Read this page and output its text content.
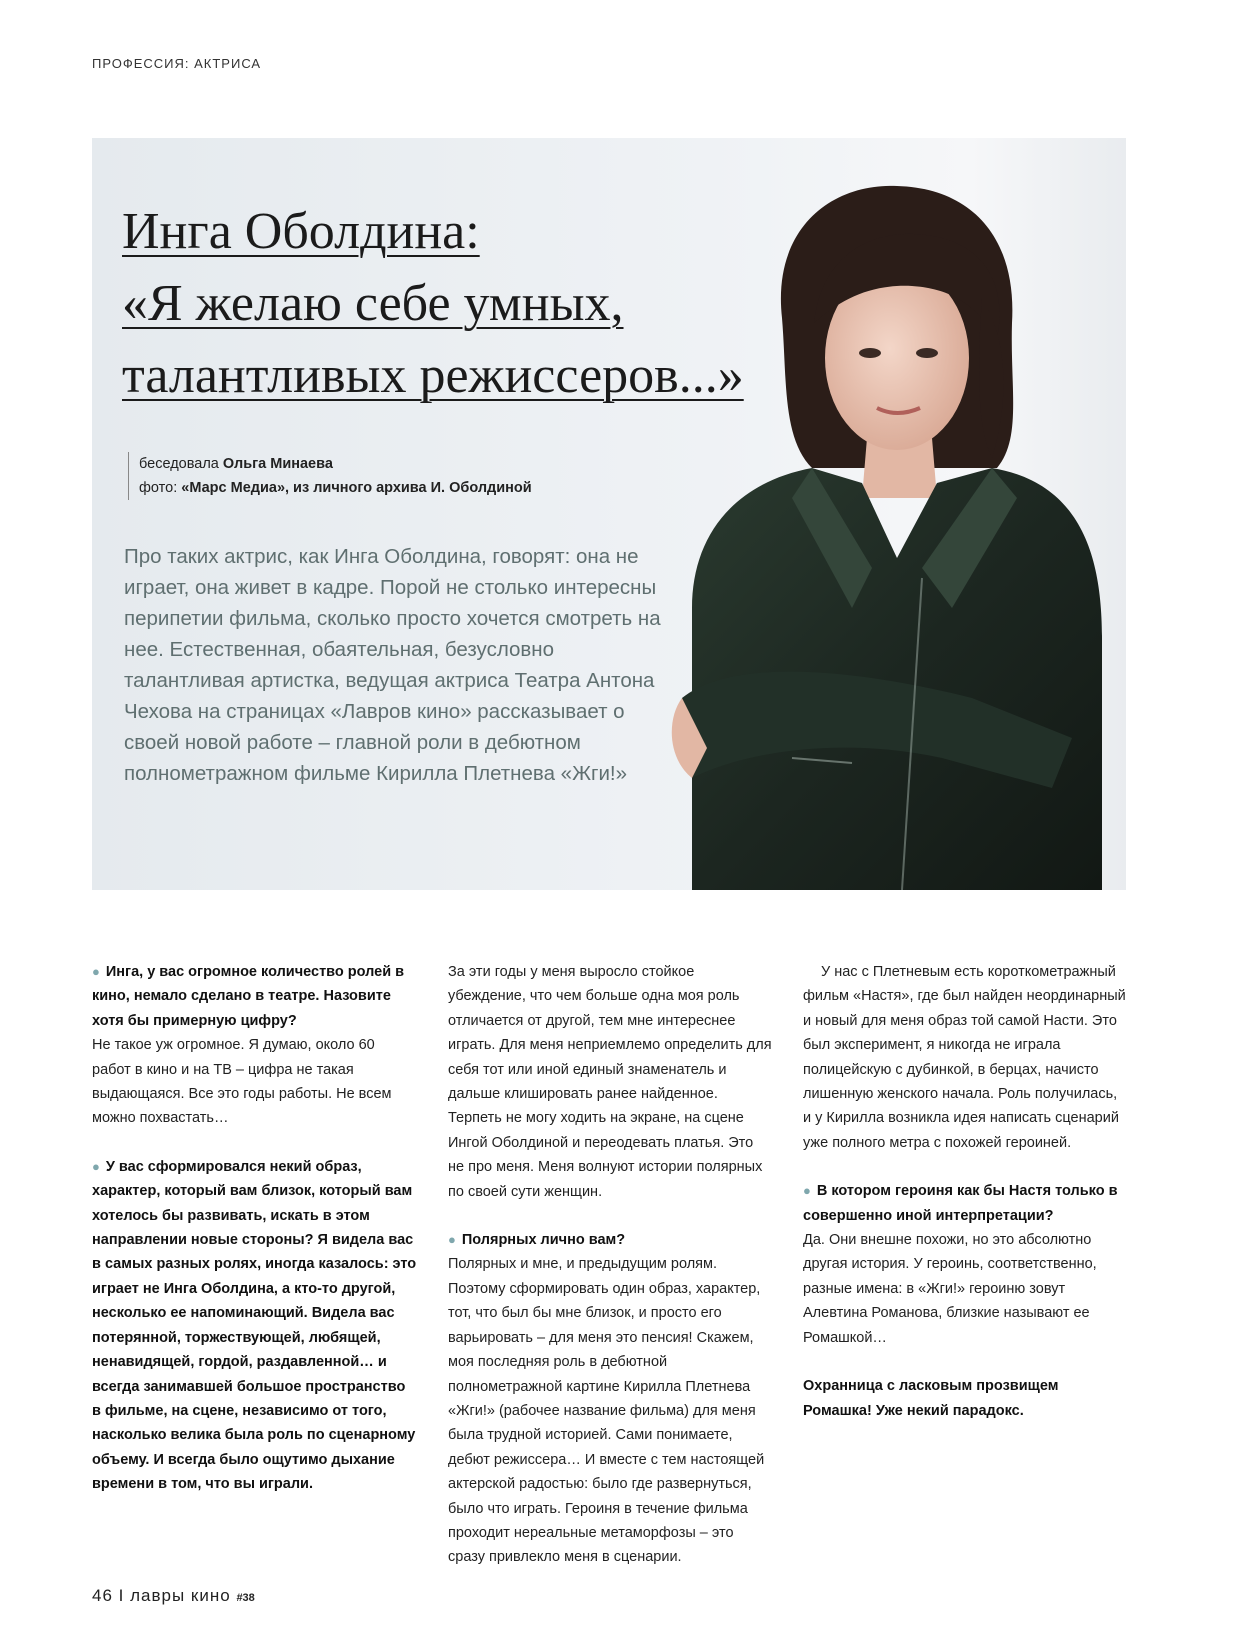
ПРОФЕССИЯ: АКТРИСА
Инга Оболдина:
«Я желаю себе умных,
талантливых режиссеров...»
беседовала Ольга Минаева
фото: «Марс Медиа», из личного архива И. Оболдиной

Про таких актрис, как Инга Оболдина, говорят: она не играет, она живет в кадре. Порой не столько интересны перипетии фильма, сколько просто хочется смотреть на нее. Естественная, обаятельная, безусловно талантливая артистка, ведущая актриса Театра Антона Чехова на страницах «Лавров кино» рассказывает о своей новой работе – главной роли в дебютном полнометражном фильме Кирилла Плетнева «Жги!»

● Инга, у вас огромное количество ролей в кино, немало сделано в театре. Назовите хотя бы примерную цифру?

Не такое уж огромное. Я думаю, около 60 работ в кино и на ТВ – цифра не такая выдающаяся. Все это годы работы. Не всем можно похвастать…

● У вас сформировался некий образ, характер, который вам близок, который вам хотелось бы развивать, искать в этом направлении новые стороны? Я видела вас в самых разных ролях, иногда казалось: это играет не Инга Оболдина, а кто-то другой, несколько ее напоминающий. Видела вас потерянной, торжествующей, любящей, ненавидящей, гордой, раздавленной… и всегда занимавшей большое пространство в фильме, на сцене, независимо от того, насколько велика была роль по сценарному объему. И всегда было ощутимо дыхание времени в том, что вы играли.

За эти годы у меня выросло стойкое убеждение, что чем больше одна моя роль отличается от другой, тем мне интереснее играть. Для меня неприемлемо определить для себя тот или иной единый знаменатель и дальше клишировать ранее найденное. Терпеть не могу ходить на экране, на сцене Ингой Оболдиной и переодевать платья. Это не про меня. Меня волнуют истории полярных по своей сути женщин.

● Полярных лично вам?

Полярных и мне, и предыдущим ролям. Поэтому сформировать один образ, характер, тот, что был бы мне близок, и просто его варьировать – для меня это пенсия! Скажем, моя последняя роль в дебютной полнометражной картине Кирилла Плетнева «Жги!» (рабочее название фильма) для меня была трудной историей. Сами понимаете, дебют режиссера… И вместе с тем настоящей актерской радостью: было где развернуться, было что играть. Героиня в течение фильма проходит нереальные метаморфозы – это сразу привлекло меня в сценарии.

У нас с Плетневым есть короткометражный фильм «Настя», где был найден неординарный и новый для меня образ той самой Насти. Это был эксперимент, я никогда не играла полицейскую с дубинкой, в берцах, начисто лишенную женского начала. Роль получилась, и у Кирилла возникла идея написать сценарий уже полного метра с похожей героиней.

● В котором героиня как бы Настя только в совершенно иной интерпретации?

Да. Они внешне похожи, но это абсолютно другая история. У героинь, соответственно, разные имена: в «Жги!» героиню зовут Алевтина Романова, близкие называют ее Ромашкой…

Охранница с ласковым прозвищем Ромашка! Уже некий парадокс.

46 I лавры кино #38
